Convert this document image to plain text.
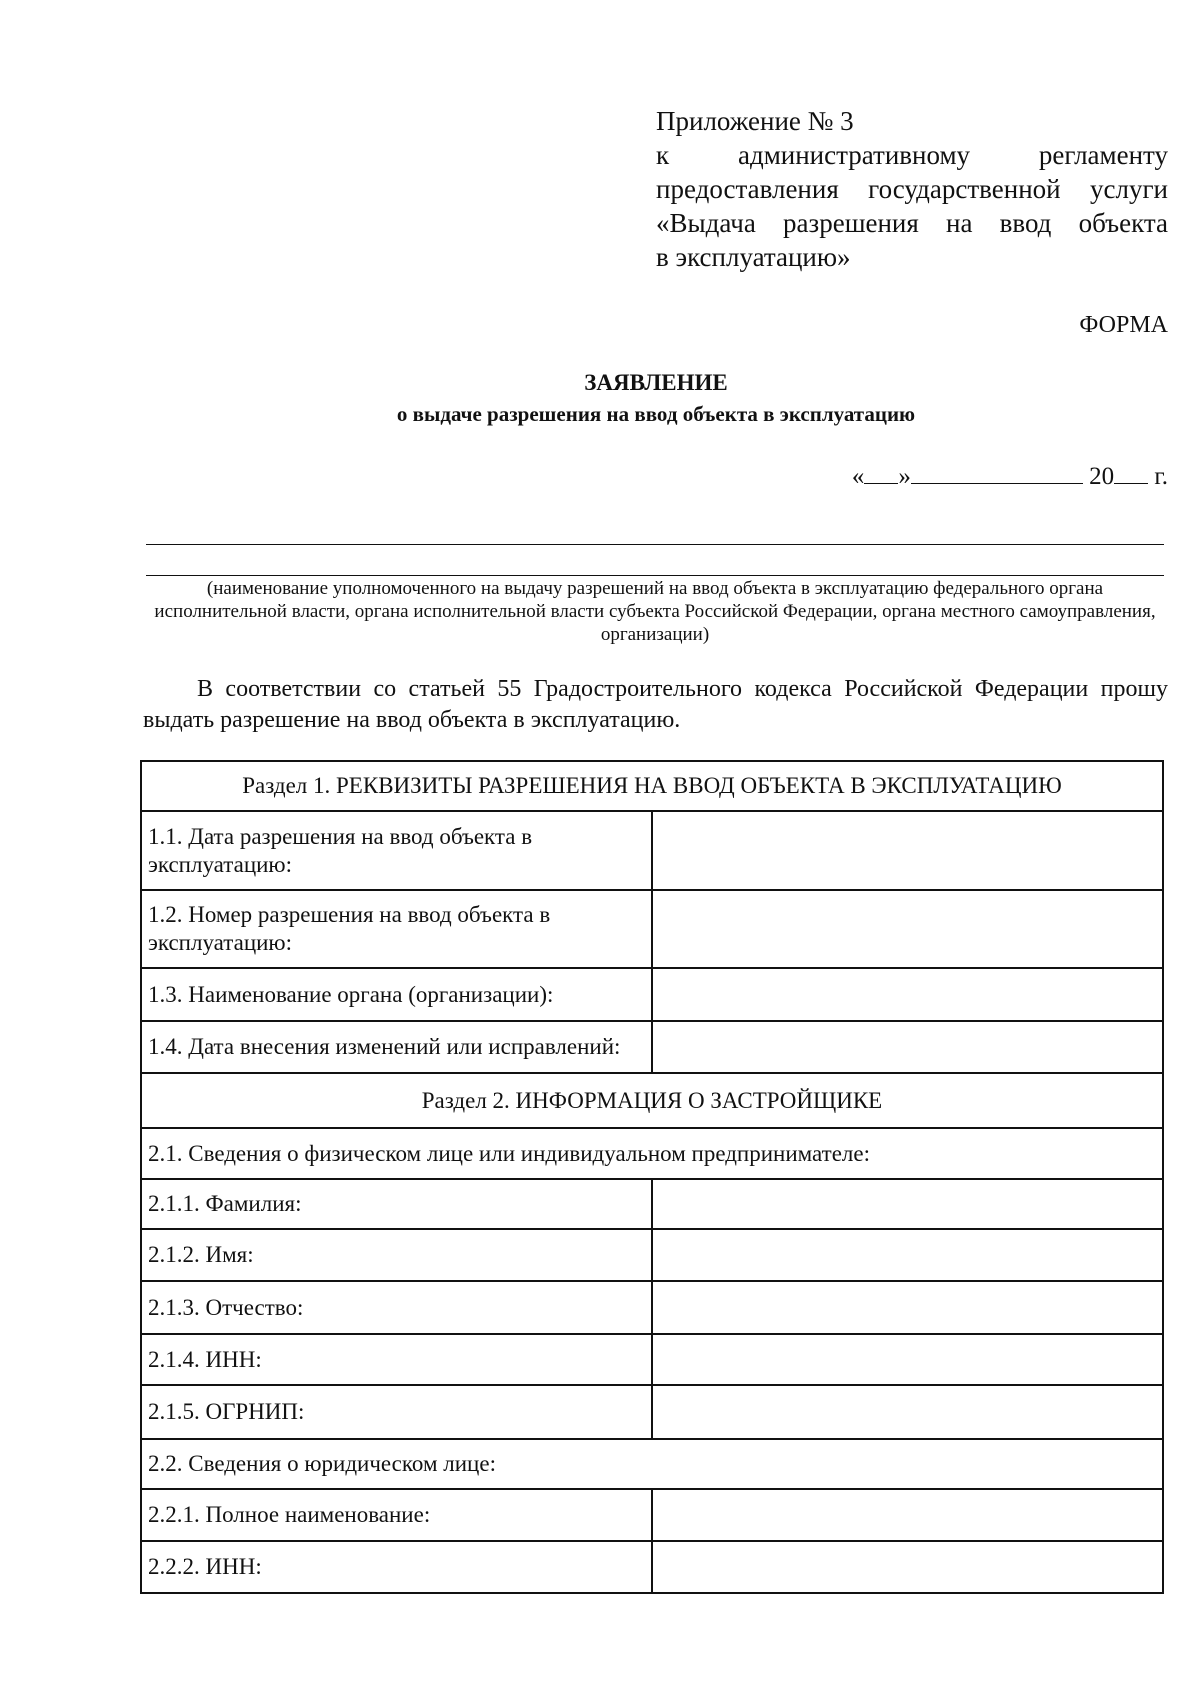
Приложение № 3
к административному регламенту
предоставления государственной услуги
«Выдача разрешения на ввод объекта
в эксплуатацию»
ФОРМА
ЗАЯВЛЕНИЕ
о выдаче разрешения на ввод объекта в эксплуатацию
« »	20 г.
(наименование уполномоченного на выдачу разрешений на ввод объекта в эксплуатацию федерального органа исполнительной власти, органа исполнительной власти субъекта Российской Федерации, органа местного самоуправления, организации)
В соответствии со статьей 55 Градостроительного кодекса Российской Федерации прошу
выдать разрешение на ввод объекта в эксплуатацию.
Раздел 1. РЕКВИЗИТЫ РАЗРЕШЕНИЯ НА ВВОД ОБЪЕКТА В ЭКСПЛУАТАЦИЮ	
1.1. Дата разрешения на ввод объекта в эксплуатацию:	
1.2. Номер разрешения на ввод объекта в эксплуатацию:	
1.3. Наименование органа (организации):	
1.4. Дата внесения изменений или исправлений:	
Раздел 2. ИНФОРМАЦИЯ О ЗАСТРОЙЩИКЕ	
2.1. Сведения о физическом лице или индивидуальном предпринимателе:	
2.1.1. Фамилия:	
2.1.2. Имя:	
2.1.3. Отчество:	
2.1.4. ИНН:	
2.1.5. ОГРНИП:	
2.2. Сведения о юридическом лице:	
2.2.1. Полное наименование:	
2.2.2. ИНН:	
